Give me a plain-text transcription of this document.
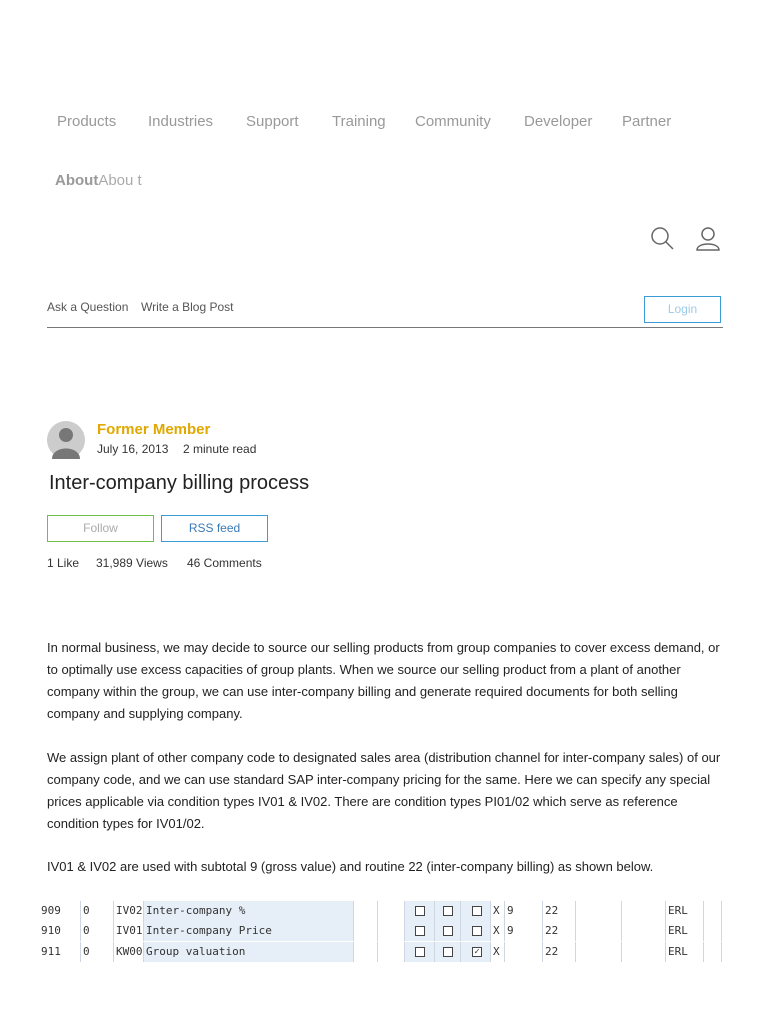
Products Industries Support Training Community Developer Partner
AboutAbou t
Ask a Question Write a Blog Post	Login
Former Member
July 16, 2013 2 minute read
Inter-company billing process
Follow	RSS feed
1 Like 31,989 Views 46 Comments
In normal business, we may decide to source our selling products from group companies to cover excess demand, or to optimally use excess capacities of group plants. When we source our selling product from a plant of another company within the group, we can use inter-company billing and generate required documents for both selling company and supplying company.
We assign plant of other company code to designated sales area (distribution channel for inter-company sales) of our company code, and we can use standard SAP inter-company pricing for the same. Here we can specify any special prices applicable via condition types IV01 & IV02. There are condition types PI01/02 which serve as reference condition types for IV01/02.
IV01 & IV02 are used with subtotal 9 (gross value) and routine 22 (inter-company billing) as shown below.
909	0	IV02 Inter-company %	X 9	22	ERL
910	0	IV01 Inter-company Price	X 9	22	ERL
911	0	KW00 Group valuation	✓ X	22	ERL
